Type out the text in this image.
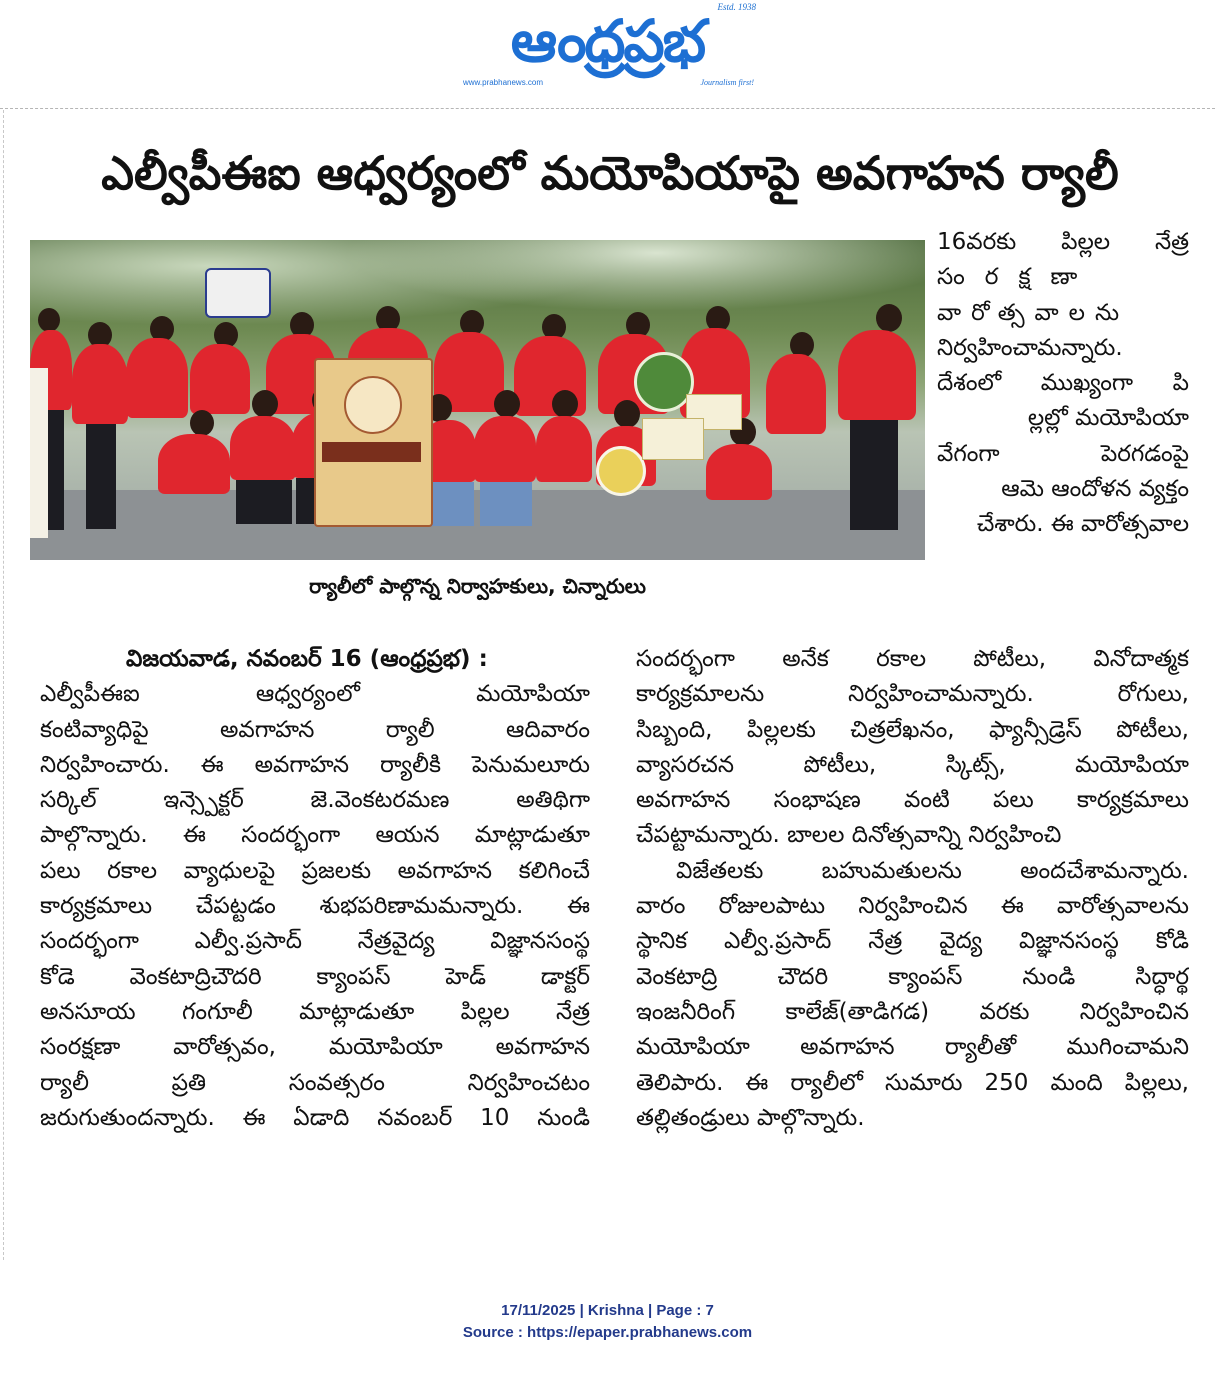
Estd. 1938
ఆంధ్రప్రభ
www.prabhanews.com	Journalism first!
ఎల్వీపీఈఐ ఆధ్వర్యంలో మయోపియాపై అవగాహన ర్యాలీ
ర్యాలీలో పాల్గొన్న నిర్వాహకులు, చిన్నారులు
16వరకు పిల్లల నేత్ర
సంరక్షణా
వారోత్సవాలను
నిర్వహించామన్నారు.
దేశంలో ముఖ్యంగా పి
ల్లల్లో మయోపియా
వేగంగా పెరగడంపై
ఆమె ఆందోళన వ్యక్తం
చేశారు. ఈ వారోత్సవాల
విజయవాడ, నవంబర్ 16 (ఆంధ్రప్రభ) :
ఎల్వీపీఈఐ ఆధ్వర్యంలో మయోపియా
కంటివ్యాధిపై అవగాహన ర్యాలీ ఆదివారం
నిర్వహించారు. ఈ అవగాహన ర్యాలీకి పెనుమలూరు
సర్కిల్ ఇన్స్పెక్టర్ జె.వెంకటరమణ అతిథిగా
పాల్గొన్నారు. ఈ సందర్భంగా ఆయన మాట్లాడుతూ
పలు రకాల వ్యాధులపై ప్రజలకు అవగాహన కలిగించే
కార్యక్రమాలు చేపట్టడం శుభపరిణామమన్నారు. ఈ
సందర్భంగా ఎల్వీ.ప్రసాద్ నేత్రవైద్య విజ్ఞానసంస్థ
కోడె వెంకటాద్రిచౌదరి క్యాంపస్ హెడ్ డాక్టర్
అనసూయ గంగూలీ మాట్లాడుతూ పిల్లల నేత్ర
సంరక్షణా వారోత్సవం, మయోపియా అవగాహన
ర్యాలీ ప్రతి సంవత్సరం నిర్వహించటం
జరుగుతుందన్నారు. ఈ ఏడాది నవంబర్ 10 నుండి
సందర్భంగా అనేక రకాల పోటీలు, వినోదాత్మక
కార్యక్రమాలను నిర్వహించామన్నారు. రోగులు,
సిబ్బంది, పిల్లలకు చిత్రలేఖనం, ఫ్యాన్సీడ్రెస్ పోటీలు,
వ్యాసరచన పోటీలు, స్కిట్స్, మయోపియా
అవగాహన సంభాషణ వంటి పలు కార్యక్రమాలు
చేపట్టామన్నారు. బాలల దినోత్సవాన్ని నిర్వహించి
విజేతలకు బహుమతులను అందచేశామన్నారు.
వారం రోజులపాటు నిర్వహించిన ఈ వారోత్సవాలను
స్థానిక ఎల్వీ.ప్రసాద్ నేత్ర వైద్య విజ్ఞానసంస్థ కోడి
వెంకటాద్రి చౌదరి క్యాంపస్ నుండి సిద్ధార్థ
ఇంజనీరింగ్ కాలేజ్(తాడిగడ) వరకు నిర్వహించిన
మయోపియా అవగాహన ర్యాలీతో ముగించామని
తెలిపారు. ఈ ర్యాలీలో సుమారు 250 మంది పిల్లలు,
తల్లితండ్రులు పాల్గొన్నారు.
17/11/2025 | Krishna | Page : 7
Source : https://epaper.prabhanews.com
